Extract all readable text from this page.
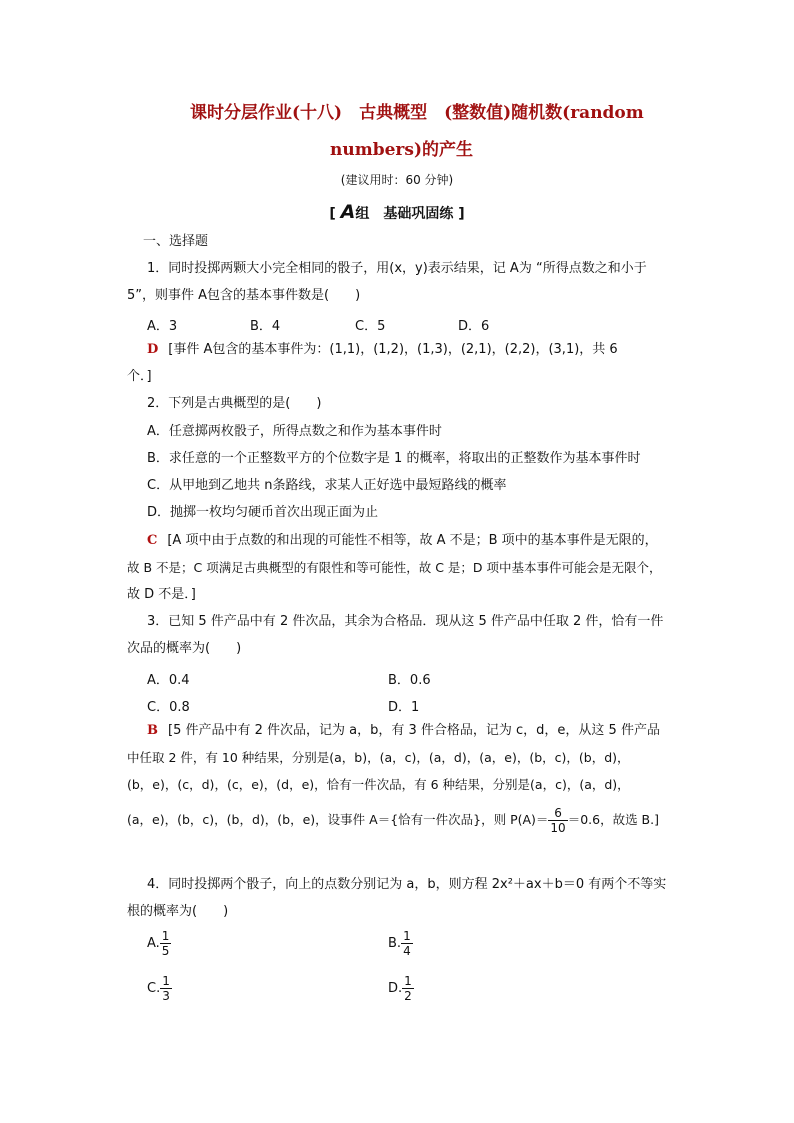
课时分层作业(十八)　古典概型　(整数值)随机数(random
numbers)的产生
(建议用时：60 分钟)
[ A组　基础巩固练 ]
一、选择题
1．同时投掷两颗大小完全相同的骰子，用(x，y)表示结果，记 A为 “所得点数之和小于
5”，则事件 A包含的基本事件数是(　　)
A．3	B．4	C．5	D．6
D [事件 A包含的基本事件为：(1,1)，(1,2)，(1,3)，(2,1)，(2,2)，(3,1)，共 6
个．]
2．下列是古典概型的是(　　)
A．任意掷两枚骰子，所得点数之和作为基本事件时
B．求任意的一个正整数平方的个位数字是 1 的概率，将取出的正整数作为基本事件时
C．从甲地到乙地共 n条路线，求某人正好选中最短路线的概率
D．抛掷一枚均匀硬币首次出现正面为止
C [A 项中由于点数的和出现的可能性不相等，故 A 不是；B 项中的基本事件是无限的，
故 B 不是；C 项满足古典概型的有限性和等可能性，故 C 是；D 项中基本事件可能会是无限个，
故 D 不是．]
3．已知 5 件产品中有 2 件次品，其余为合格品．现从这 5 件产品中任取 2 件，恰有一件
次品的概率为(　　)
A．0.4	B．0.6
C．0.8	D．1
B [5 件产品中有 2 件次品，记为 a，b，有 3 件合格品，记为 c，d，e，从这 5 件产品
中任取 2 件，有 10 种结果，分别是(a，b)，(a，c)，(a，d)，(a，e)，(b，c)，(b，d)，
(b，e)，(c，d)，(c，e)，(d，e)，恰有一件次品，有 6 种结果，分别是(a，c)，(a，d)，
(a，e)，(b，c)，(b，d)，(b，e)，设事件 A＝{恰有一件次品}，则 $P(A)= \frac{6}{10} =0.6$，故选 B.]
4．同时投掷两个骰子，向上的点数分别记为 a，b，则方程 2x²＋ax＋b＝0 有两个不等实
根的概率为(　　)
A. $\frac{1}{5}$	B. $\frac{1}{4}$
C. $\frac{1}{3}$	D. $\frac{1}{2}$
